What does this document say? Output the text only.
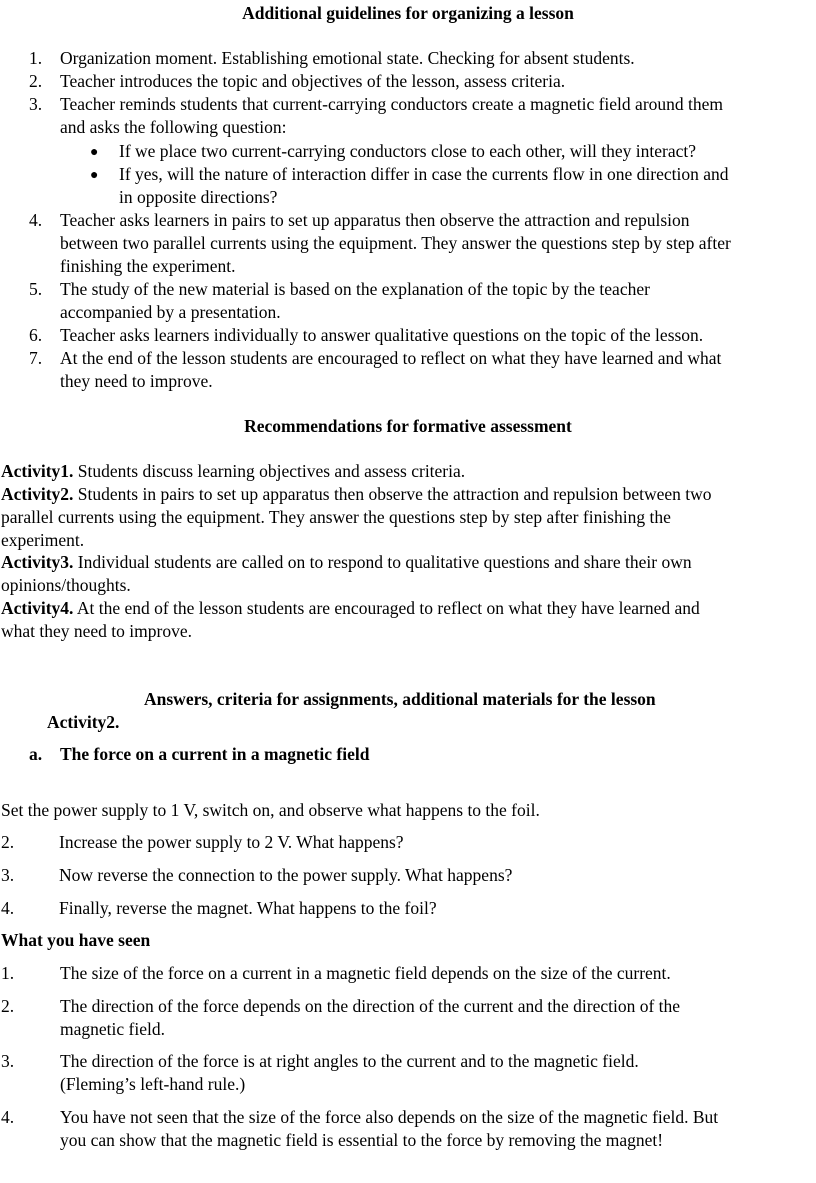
Additional guidelines for organizing a lesson
1. Organization moment. Establishing emotional state. Checking for absent students.
2. Teacher introduces the topic and objectives of the lesson, assess criteria.
3. Teacher reminds students that current-carrying conductors create a magnetic field around them
and asks the following question:
● If we place two current-carrying conductors close to each other, will they interact?
● If yes, will the nature of interaction differ in case the currents flow in one direction and
in opposite directions?
4. Teacher asks learners in pairs to set up apparatus then observe the attraction and repulsion
between two parallel currents using the equipment. They answer the questions step by step after
finishing the experiment.
5. The study of the new material is based on the explanation of the topic by the teacher
accompanied by a presentation.
6. Teacher asks learners individually to answer qualitative questions on the topic of the lesson.
7. At the end of the lesson students are encouraged to reflect on what they have learned and what
they need to improve.
Recommendations for formative assessment
Activity1. Students discuss learning objectives and assess criteria.
Activity2. Students in pairs to set up apparatus then observe the attraction and repulsion between two
parallel currents using the equipment. They answer the questions step by step after finishing the
experiment.
Activity3. Individual students are called on to respond to qualitative questions and share their own
opinions/thoughts.
Activity4. At the end of the lesson students are encouraged to reflect on what they have learned and
what they need to improve.
Answers, criteria for assignments, additional materials for the lesson
Activity2.
a. The force on a current in a magnetic field
Set the power supply to 1 V, switch on, and observe what happens to the foil.
2.	Increase the power supply to 2 V. What happens?
3.	Now reverse the connection to the power supply. What happens?
4.	Finally, reverse the magnet. What happens to the foil?
What you have seen
1.	The size of the force on a current in a magnetic field depends on the size of the current.
2.	The direction of the force depends on the direction of the current and the direction of the
magnetic field.
3.	The direction of the force is at right angles to the current and to the magnetic field.
(Fleming’s left-hand rule.)
4.	You have not seen that the size of the force also depends on the size of the magnetic field. But
you can show that the magnetic field is essential to the force by removing the magnet!
